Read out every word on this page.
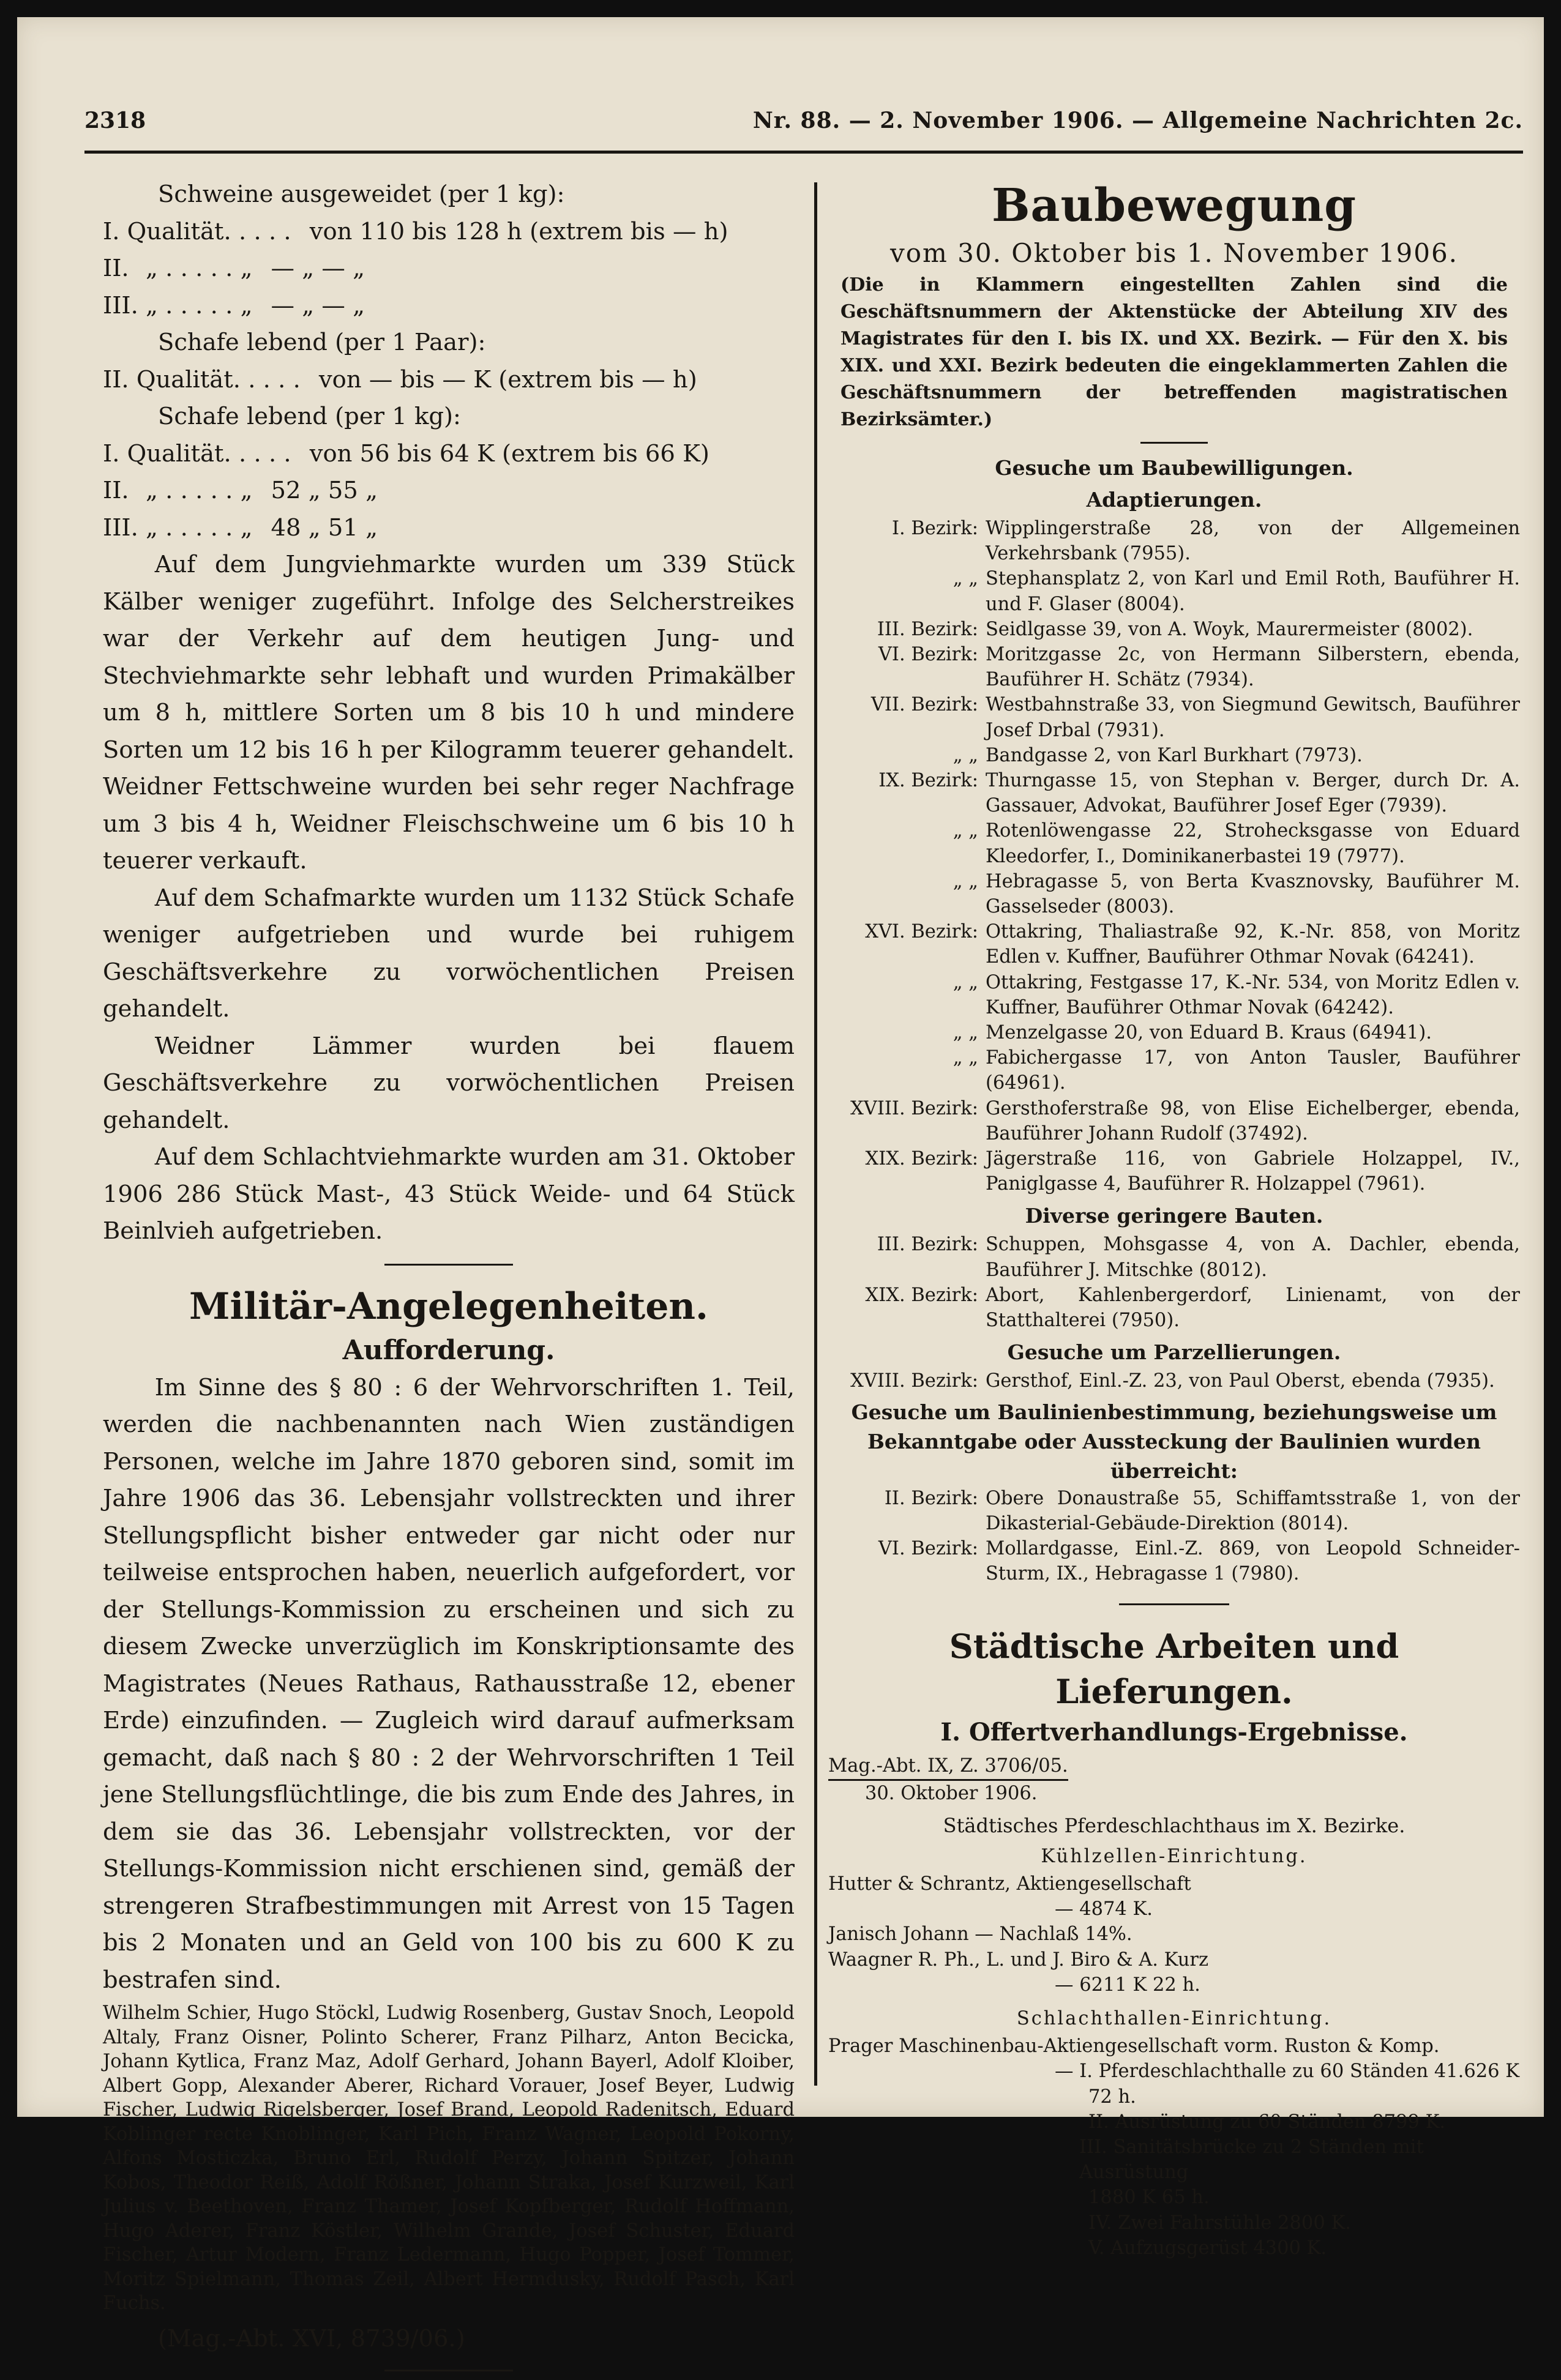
2318	Nr. 88. — 2. November 1906. — Allgemeine Nachrichten 2c.
Schweine ausgeweidet (per 1 kg):
I. Qualität . . . . . von 110 bis 128 h (extrem bis — h)
II. „ . . . . . „ — „ — „
III. „ . . . . . „ — „ — „
Schafe lebend (per 1 Paar):
II. Qualität . . . . . von — bis — K (extrem bis — h)
Schafe lebend (per 1 kg):
I. Qualität . . . . . von 56 bis 64 K (extrem bis 66 K)
II. „ . . . . . „ 52 „ 55 „
III. „ . . . . . „ 48 „ 51 „

Auf dem Jungviehmarkte wurden um 339 Stück Kälber weniger zugeführt. Infolge des Selcherstreikes war der Verkehr auf dem heutigen Jung- und Stechviehmarkte sehr lebhaft und wurden Primakälber um 8 h, mittlere Sorten um 8 bis 10 h und mindere Sorten um 12 bis 16 h per Kilogramm teuerer gehandelt. Weidner Fettschweine wurden bei sehr reger Nachfrage um 3 bis 4 h, Weidner Fleischschweine um 6 bis 10 h teuerer verkauft.

Auf dem Schafmarkte wurden um 1132 Stück Schafe weniger aufgetrieben und wurde bei ruhigem Geschäftsverkehre zu vorwöchentlichen Preisen gehandelt.

Weidner Lämmer wurden bei flauem Geschäftsverkehre zu vorwöchentlichen Preisen gehandelt.

Auf dem Schlachtviehmarkte wurden am 31. Oktober 1906 286 Stück Mast-, 43 Stück Weide- und 64 Stück Beinlvieh aufgetrieben.

Militär-Angelegenheiten.
Aufforderung.

Im Sinne des § 80 : 6 der Wehrvorschriften 1. Teil, werden die nachbenannten nach Wien zuständigen Personen, welche im Jahre 1870 geboren sind, somit im Jahre 1906 das 36. Lebensjahr vollstreckten und ihrer Stellungspflicht bisher entweder gar nicht oder nur teilweise entsprochen haben, neuerlich aufgefordert, vor der Stellungs-Kommission zu erscheinen und sich zu diesem Zwecke unverzüglich im Konskriptionsamte des Magistrates (Neues Rathaus, Rathausstraße 12, ebener Erde) einzufinden. — Zugleich wird darauf aufmerksam gemacht, daß nach § 80 : 2 der Wehrvorschriften 1 Teil jene Stellungsflüchtlinge, die bis zum Ende des Jahres, in dem sie das 36. Lebensjahr vollstreckten, vor der Stellungs-Kommission nicht erschienen sind, gemäß der strengeren Strafbestimmungen mit Arrest von 15 Tagen bis 2 Monaten und an Geld von 100 bis zu 600 K zu bestrafen sind.

Wilhelm Schier, Hugo Stöckl, Ludwig Rosenberg, Gustav Snoch, Leopold Altaly, Franz Oisner, Polinto Scherer, Franz Pilharz, Anton Becicka, Johann Kytlica, Franz Maz, Adolf Gerhard, Johann Bayerl, Adolf Kloiber, Albert Gopp, Alexander Aberer, Richard Vorauer, Josef Beyer, Ludwig Fischer, Ludwig Rigelsberger, Josef Brand, Leopold Radenitsch, Eduard Koblinger recte Knoblinger, Karl Pich, Franz Wagner, Leopold Pokorny, Alfons Mosticzka, Bruno Erl, Rudolf Perzy, Johann Spitzer, Johann Kobos, Theodor Reiß, Adolf Rößner, Johann Straka, Josef Kurzweil, Karl Julius v. Beethoven, Franz Thamer, Josef Kopfberger, Rudolf Hoffmann, Hugo Aderer, Franz Köstler, Wilhelm Grande, Josef Schuster, Eduard Fischer, Artur Modern, Franz Ledermann, Hugo Popper, Josef Tommer, Moritz Spielmann, Thomas Zeil, Albert Hermdusky, Rudolf Pasch, Karl Fuchs.
(Mag.-Abt. XVI, 8739/06.)
Baubewegung
vom 30. Oktober bis 1. November 1906.
(Die in Klammern eingestellten Zahlen sind die Geschäftsnummern der Aktenstücke der Abteilung XIV des Magistrates für den I. bis IX. und XX. Bezirk. — Für den X. bis XIX. und XXI. Bezirk bedeuten die eingeklammerten Zahlen die Geschäftsnummern der betreffenden magistratischen Bezirksämter.)
Gesuche um Baubewilligungen.
Adaptierungen.
I. Bezirk: Wipplingerstraße 28, von der Allgemeinen Verkehrsbank (7955).
„ „ Stephansplatz 2, von Karl und Emil Roth, Bauführer H. und F. Glaser (8004).
III. Bezirk: Seidlgasse 39, von A. Woyk, Maurermeister (8002).
VI. Bezirk: Moritzgasse 2c, von Hermann Silberstern, ebenda, Bauführer H. Schätz (7934).
VII. Bezirk: Westbahnstraße 33, von Siegmund Gewitsch, Bauführer Josef Drbal (7931).
„ „ Bandgasse 2, von Karl Burkhart (7973).
IX. Bezirk: Thurngasse 15, von Stephan v. Berger, durch Dr. A. Gassauer, Advokat, Bauführer Josef Eger (7939).
„ „ Rotenlöwengasse 22, Strohecksgasse von Eduard Kleedorfer, I., Dominikanerbastei 19 (7977).
„ „ Hebragasse 5, von Berta Kvasznovsky, Bauführer M. Gasselseder (8003).
XVI. Bezirk: Ottakring, Thaliastraße 92, K.-Nr. 858, von Moritz Edlen v. Kuffner, Bauführer Othmar Novak (64241).
„ „ Ottakring, Festgasse 17, K.-Nr. 534, von Moritz Edlen v. Kuffner, Bauführer Othmar Novak (64242).
„ „ Menzelgasse 20, von Eduard B. Kraus (64941).
„ „ Fabichergasse 17, von Anton Tausler, Bauführer (64961).
XVIII. Bezirk: Gersthoferstraße 98, von Elise Eichelberger, ebenda, Bauführer Johann Rudolf (37492).
XIX. Bezirk: Jägerstraße 116, von Gabriele Holzappel, IV., Paniglgasse 4, Bauführer R. Holzappel (7961).
Diverse geringere Bauten.
III. Bezirk: Schuppen, Mohsgasse 4, von A. Dachler, ebenda, Bauführer J. Mitschke (8012).
XIX. Bezirk: Abort, Kahlenbergerdorf, Linienamt, von der Statthalterei (7950).
Gesuche um Parzellierungen.
XVIII. Bezirk: Gersthof, Einl.-Z. 23, von Paul Oberst, ebenda (7935).
Gesuche um Baulinienbestimmung, beziehungsweise um Bekanntgabe oder Aussteckung der Baulinien wurden überreicht:
II. Bezirk: Obere Donaustraße 55, Schiffamtsstraße 1, von der Dikasterial-Gebäude-Direktion (8014).
VI. Bezirk: Mollardgasse, Einl.-Z. 869, von Leopold Schneider-Sturm, IX., Hebragasse 1 (7980).
Städtische Arbeiten und Lieferungen.
I. Offertverhandlungs-Ergebnisse.
Mag.-Abt. IX, Z. 3706/05.
30. Oktober 1906.
Städtisches Pferdeschlachthaus im X. Bezirke.
Kühlzellen-Einrichtung.
Hutter & Schrantz, Aktiengesellschaft
— 4874 K.
Janisch Johann — Nachlaß 14%.
Waagner R. Ph., L. und J. Biro & A. Kurz
— 6211 K 22 h.
Schlachthallen-Einrichtung.
Prager Maschinenbau-Aktiengesellschaft vorm. Ruston & Komp.
— I. Pferdeschlachthalle zu 60 Ständen 41.626 K
72 h.
II. Ausrüstung zu 60 Ständen 8799 K.
III. Sanitätsbrücke zu 2 Ständen mit Ausrüstung
1880 K 65 h.
IV. Zwei Fahrstühle 2800 K.
V. Aufzugsgerüst 4300 K.
